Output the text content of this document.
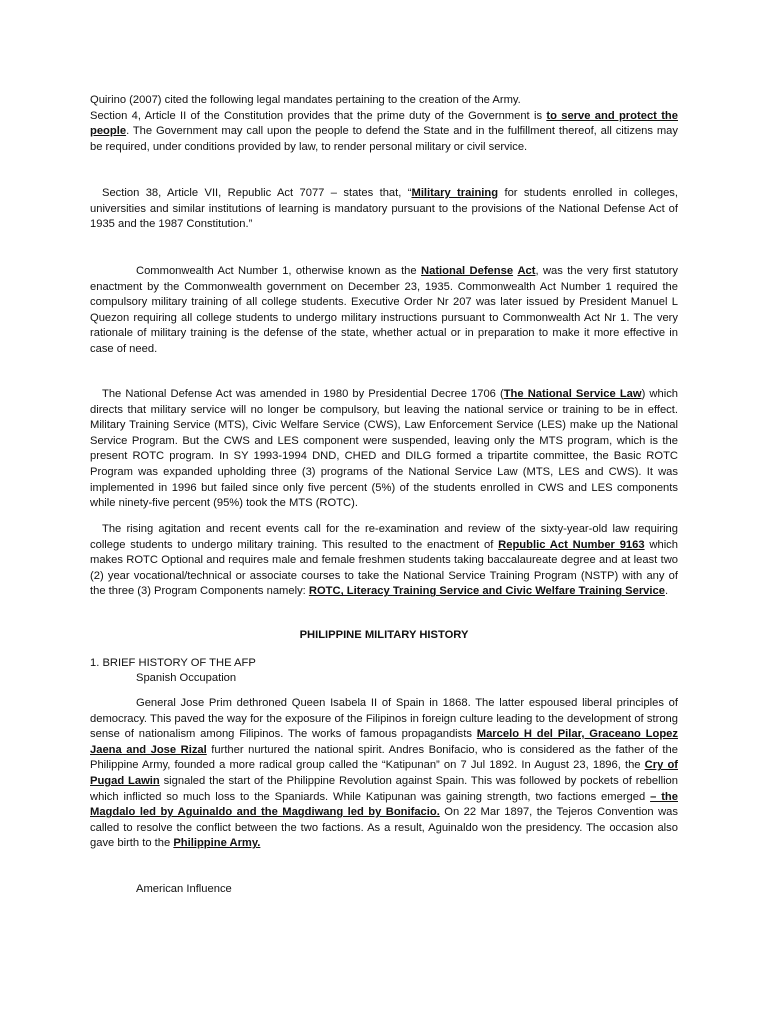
Quirino (2007) cited the following legal mandates pertaining to the creation of the Army.
Section 4, Article II of the Constitution provides that the prime duty of the Government is to serve and protect the people. The Government may call upon the people to defend the State and in the fulfillment thereof, all citizens may be required, under conditions provided by law, to render personal military or civil service.

Section 38, Article VII, Republic Act 7077 – states that, “Military training for students enrolled in colleges, universities and similar institutions of learning is mandatory pursuant to the provisions of the National Defense Act of 1935 and the 1987 Constitution.”

Commonwealth Act Number 1, otherwise known as the National Defense Act, was the very first statutory enactment by the Commonwealth government on December 23, 1935. Commonwealth Act Number 1 required the compulsory military training of all college students. Executive Order Nr 207 was later issued by President Manuel L Quezon requiring all college students to undergo military instructions pursuant to Commonwealth Act Nr 1. The very rationale of military training is the defense of the state, whether actual or in preparation to make it more effective in case of need.

The National Defense Act was amended in 1980 by Presidential Decree 1706 (The National Service Law) which directs that military service will no longer be compulsory, but leaving the national service or training to be in effect. Military Training Service (MTS), Civic Welfare Service (CWS), Law Enforcement Service (LES) make up the National Service Program. But the CWS and LES component were suspended, leaving only the MTS program, which is the present ROTC program. In SY 1993-1994 DND, CHED and DILG formed a tripartite committee, the Basic ROTC Program was expanded upholding three (3) programs of the National Service Law (MTS, LES and CWS). It was implemented in 1996 but failed since only five percent (5%) of the students enrolled in CWS and LES components while ninety-five percent (95%) took the MTS (ROTC).

The rising agitation and recent events call for the re-examination and review of the sixty-year-old law requiring college students to undergo military training. This resulted to the enactment of Republic Act Number 9163 which makes ROTC Optional and requires male and female freshmen students taking baccalaureate degree and at least two (2) year vocational/technical or associate courses to take the National Service Training Program (NSTP) with any of the three (3) Program Components namely: ROTC, Literacy Training Service and Civic Welfare Training Service.

PHILIPPINE MILITARY HISTORY

1. BRIEF HISTORY OF THE AFP

Spanish Occupation

General Jose Prim dethroned Queen Isabela II of Spain in 1868. The latter espoused liberal principles of democracy. This paved the way for the exposure of the Filipinos in foreign culture leading to the development of strong sense of nationalism among Filipinos. The works of famous propagandists Marcelo H del Pilar, Graceano Lopez Jaena and Jose Rizal further nurtured the national spirit. Andres Bonifacio, who is considered as the father of the Philippine Army, founded a more radical group called the “Katipunan” on 7 Jul 1892. In August 23, 1896, the Cry of Pugad Lawin signaled the start of the Philippine Revolution against Spain. This was followed by pockets of rebellion which inflicted so much loss to the Spaniards. While Katipunan was gaining strength, two factions emerged – the Magdalo led by Aguinaldo and the Magdiwang led by Bonifacio. On 22 Mar 1897, the Tejeros Convention was called to resolve the conflict between the two factions. As a result, Aguinaldo won the presidency. The occasion also gave birth to the Philippine Army.

American Influence
